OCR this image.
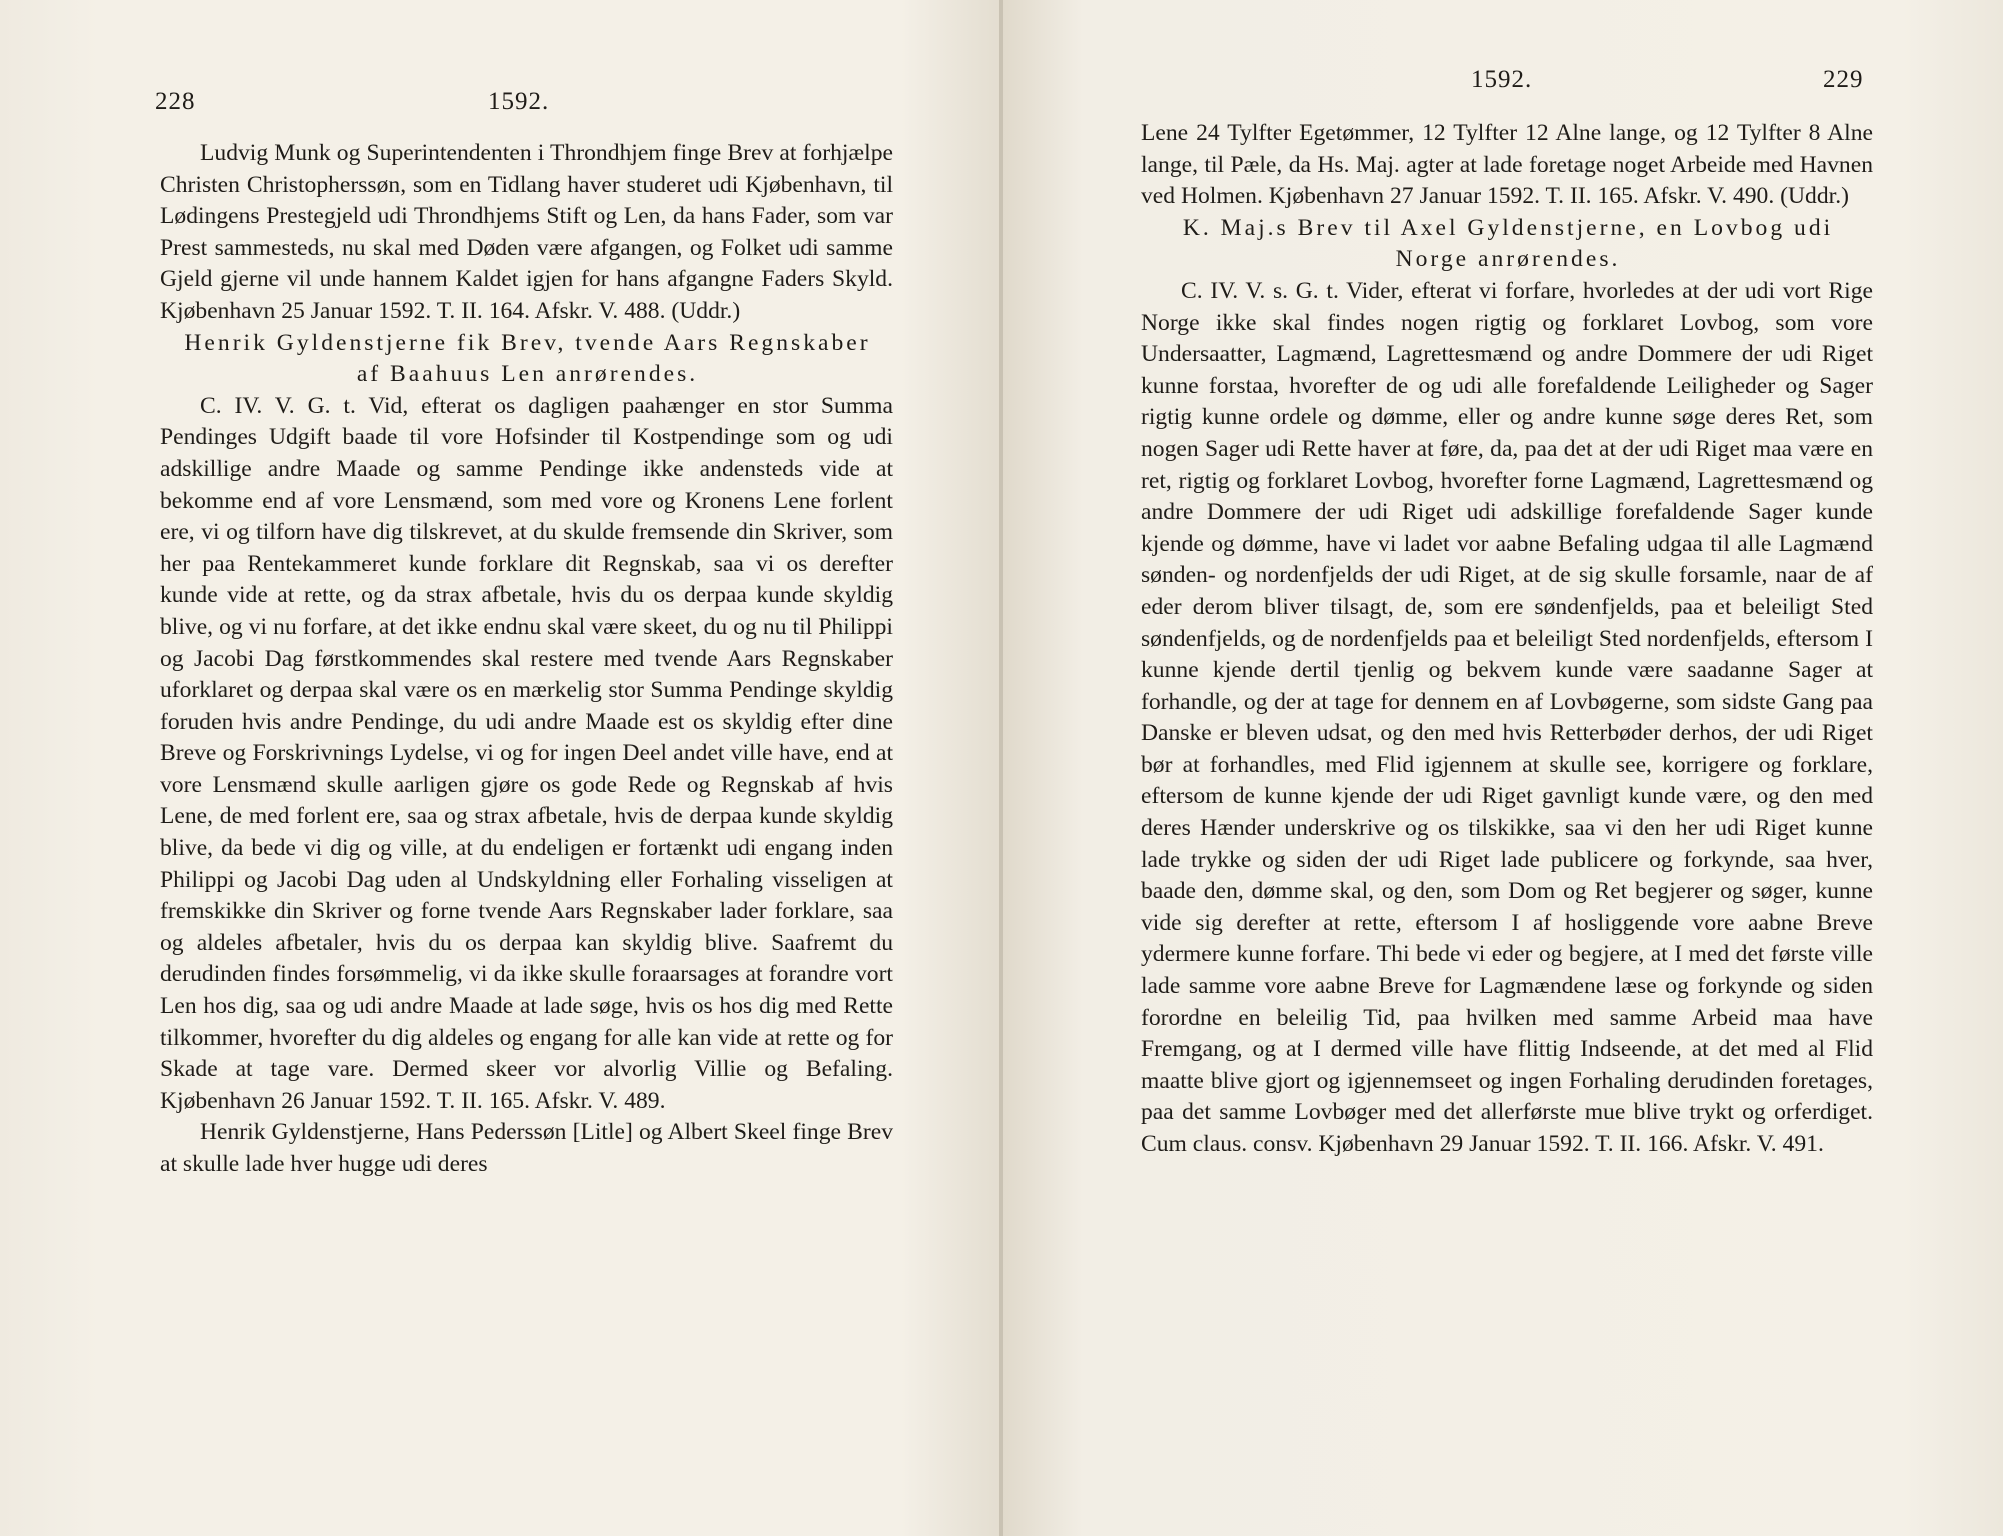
228	1592.

Ludvig Munk og Superintendenten i Throndhjem finge Brev at forhjælpe Christen Christopherssøn, som en Tidlang haver studeret udi Kjøbenhavn, til Lødingens Prestegjeld udi Throndhjems Stift og Len, da hans Fader, som var Prest sammesteds, nu skal med Døden være afgangen, og Folket udi samme Gjeld gjerne vil unde hannem Kaldet igjen for hans afgangne Faders Skyld. Kjøbenhavn 25 Januar 1592. T. II. 164. Afskr. V. 488. (Uddr.)

Henrik Gyldenstjerne fik Brev, tvende Aars Regnskaber af Baahuus Len anrørendes.

C. IV. V. G. t. Vid, efterat os dagligen paahænger en stor Summa Pendinges Udgift baade til vore Hofsinder til Kostpendinge som og udi adskillige andre Maade og samme Pendinge ikke andensteds vide at bekomme end af vore Lensmænd, som med vore og Kronens Lene forlent ere, vi og tilforn have dig tilskrevet, at du skulde fremsende din Skriver, som her paa Rentekammeret kunde forklare dit Regnskab, saa vi os derefter kunde vide at rette, og da strax afbetale, hvis du os derpaa kunde skyldig blive, og vi nu forfare, at det ikke endnu skal være skeet, du og nu til Philippi og Jacobi Dag førstkommendes skal restere med tvende Aars Regnskaber uforklaret og derpaa skal være os en mærkelig stor Summa Pendinge skyldig foruden hvis andre Pendinge, du udi andre Maade est os skyldig efter dine Breve og Forskrivnings Lydelse, vi og for ingen Deel andet ville have, end at vore Lensmænd skulle aarligen gjøre os gode Rede og Regnskab af hvis Lene, de med forlent ere, saa og strax afbetale, hvis de derpaa kunde skyldig blive, da bede vi dig og ville, at du endeligen er fortænkt udi engang inden Philippi og Jacobi Dag uden al Undskyldning eller Forhaling visseligen at fremskikke din Skriver og forne tvende Aars Regnskaber lader forklare, saa og aldeles afbetaler, hvis du os derpaa kan skyldig blive. Saafremt du derudinden findes forsømmelig, vi da ikke skulle foraarsages at forandre vort Len hos dig, saa og udi andre Maade at lade søge, hvis os hos dig med Rette tilkommer, hvorefter du dig aldeles og engang for alle kan vide at rette og for Skade at tage vare. Dermed skeer vor alvorlig Villie og Befaling. Kjøbenhavn 26 Januar 1592. T. II. 165. Afskr. V. 489.

Henrik Gyldenstjerne, Hans Pederssøn [Litle] og Albert Skeel finge Brev at skulle lade hver hugge udi deres

1592.	229

Lene 24 Tylfter Egetømmer, 12 Tylfter 12 Alne lange, og 12 Tylfter 8 Alne lange, til Pæle, da Hs. Maj. agter at lade foretage noget Arbeide med Havnen ved Holmen. Kjøbenhavn 27 Januar 1592. T. II. 165. Afskr. V. 490. (Uddr.)

K. Maj.s Brev til Axel Gyldenstjerne, en Lovbog udi Norge anrørendes.

C. IV. V. s. G. t. Vider, efterat vi forfare, hvorledes at der udi vort Rige Norge ikke skal findes nogen rigtig og forklaret Lovbog, som vore Undersaatter, Lagmænd, Lagrettesmænd og andre Dommere der udi Riget kunne forstaa, hvorefter de og udi alle forefaldende Leiligheder og Sager rigtig kunne ordele og dømme, eller og andre kunne søge deres Ret, som nogen Sager udi Rette haver at føre, da, paa det at der udi Riget maa være en ret, rigtig og forklaret Lovbog, hvorefter forne Lagmænd, Lagrettesmænd og andre Dommere der udi Riget udi adskillige forefaldende Sager kunde kjende og dømme, have vi ladet vor aabne Befaling udgaa til alle Lagmænd sønden- og nordenfjelds der udi Riget, at de sig skulle forsamle, naar de af eder derom bliver tilsagt, de, som ere søndenfjelds, paa et beleiligt Sted søndenfjelds, og de nordenfjelds paa et beleiligt Sted nordenfjelds, eftersom I kunne kjende dertil tjenlig og bekvem kunde være saadanne Sager at forhandle, og der at tage for dennem en af Lovbøgerne, som sidste Gang paa Danske er bleven udsat, og den med hvis Retterbøder derhos, der udi Riget bør at forhandles, med Flid igjennem at skulle see, korrigere og forklare, eftersom de kunne kjende der udi Riget gavnligt kunde være, og den med deres Hænder underskrive og os tilskikke, saa vi den her udi Riget kunne lade trykke og siden der udi Riget lade publicere og forkynde, saa hver, baade den, dømme skal, og den, som Dom og Ret begjerer og søger, kunne vide sig derefter at rette, eftersom I af hosliggende vore aabne Breve ydermere kunne forfare. Thi bede vi eder og begjere, at I med det første ville lade samme vore aabne Breve for Lagmændene læse og forkynde og siden forordne en beleilig Tid, paa hvilken med samme Arbeid maa have Fremgang, og at I dermed ville have flittig Indseende, at det med al Flid maatte blive gjort og igjennemseet og ingen Forhaling derudinden foretages, paa det samme Lovbøger med det allerførste mue blive trykt og orferdiget. Cum claus. consv. Kjøbenhavn 29 Januar 1592. T. II. 166. Afskr. V. 491.
